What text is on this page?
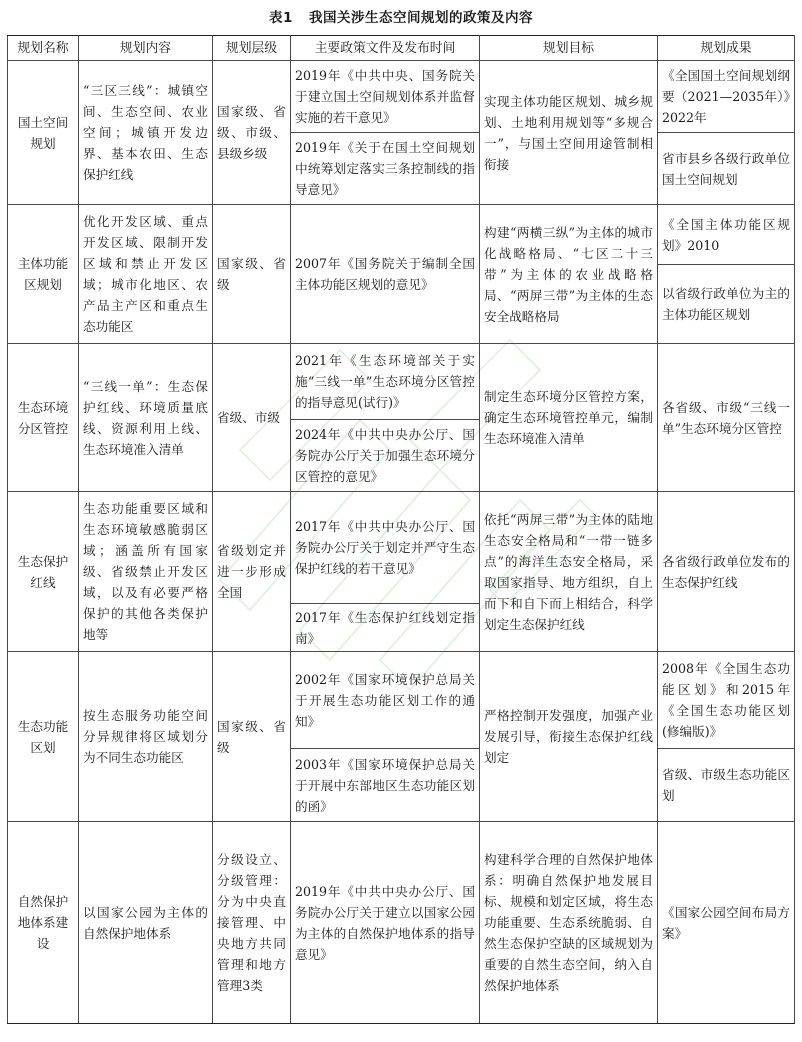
表1 我国关涉生态空间规划的政策及内容
规划名称	规划内容	规划层级	主要政策文件及发布时间	规划目标	规划成果
国土空间规划	“三区三线”：城镇空间、生态空间、农业空间；城镇开发边界、基本农田、生态保护红线	国家级、省级、市级、县级乡级	2019年《中共中央、国务院关于建立国土空间规划体系并监督实施的若干意见》	实现主体功能区规划、城乡规划、土地利用规划等“多规合一”，与国土空间用途管制相衔接	《全国国土空间规划纲要（2021—2035年）》2022年
			2019年《关于在国土空间规划中统筹划定落实三条控制线的指导意见》		省市县乡各级行政单位国土空间规划
主体功能区规划	优化开发区域、重点开发区域、限制开发区域和禁止开发区域；城市化地区、农产品主产区和重点生态功能区	国家级、省级	2007年《国务院关于编制全国主体功能区规划的意见》	构建“两横三纵”为主体的城市化战略格局、“七区二十三带”为主体的农业战略格局、“两屏三带”为主体的生态安全战略格局	《全国主体功能区规划》2010
					以省级行政单位为主的主体功能区规划
生态环境分区管控	“三线一单”：生态保护红线、环境质量底线、资源利用上线、生态环境准入清单	省级、市级	2021年《生态环境部关于实施“三线一单”生态环境分区管控的指导意见(试行)》	制定生态环境分区管控方案，确定生态环境管控单元，编制生态环境准入清单	各省级、市级“三线一单”生态环境分区管控
			2024年《中共中央办公厅、国务院办公厅关于加强生态环境分区管控的意见》		
生态保护红线	生态功能重要区域和生态环境敏感脆弱区域；涵盖所有国家级、省级禁止开发区域，以及有必要严格保护的其他各类保护地等	省级划定并进一步形成全国	2017年《中共中央办公厅、国务院办公厅关于划定并严守生态保护红线的若干意见》	依托“两屏三带”为主体的陆地生态安全格局和“一带一链多点”的海洋生态安全格局，采取国家指导、地方组织，自上而下和自下而上相结合，科学划定生态保护红线	各省级行政单位发布的生态保护红线
			2017年《生态保护红线划定指南》		
生态功能区划	按生态服务功能空间分异规律将区域划分为不同生态功能区	国家级、省级	2002年《国家环境保护总局关于开展生态功能区划工作的通知》	严格控制开发强度，加强产业发展引导，衔接生态保护红线划定	2008年《全国生态功能区划》和2015年《全国生态功能区划(修编版)》
			2003年《国家环境保护总局关于开展中东部地区生态功能区划的函》		省级、市级生态功能区划
自然保护地体系建设	以国家公园为主体的自然保护地体系	分级设立、分级管理：分为中央直接管理、中央地方共同管理和地方管理3类	2019年《中共中央办公厅、国务院办公厅关于建立以国家公园为主体的自然保护地体系的指导意见》	构建科学合理的自然保护地体系：明确自然保护地发展目标、规模和划定区域，将生态功能重要、生态系统脆弱、自然生态保护空缺的区域规划为重要的自然生态空间，纳入自然保护地体系	《国家公园空间布局方案》
